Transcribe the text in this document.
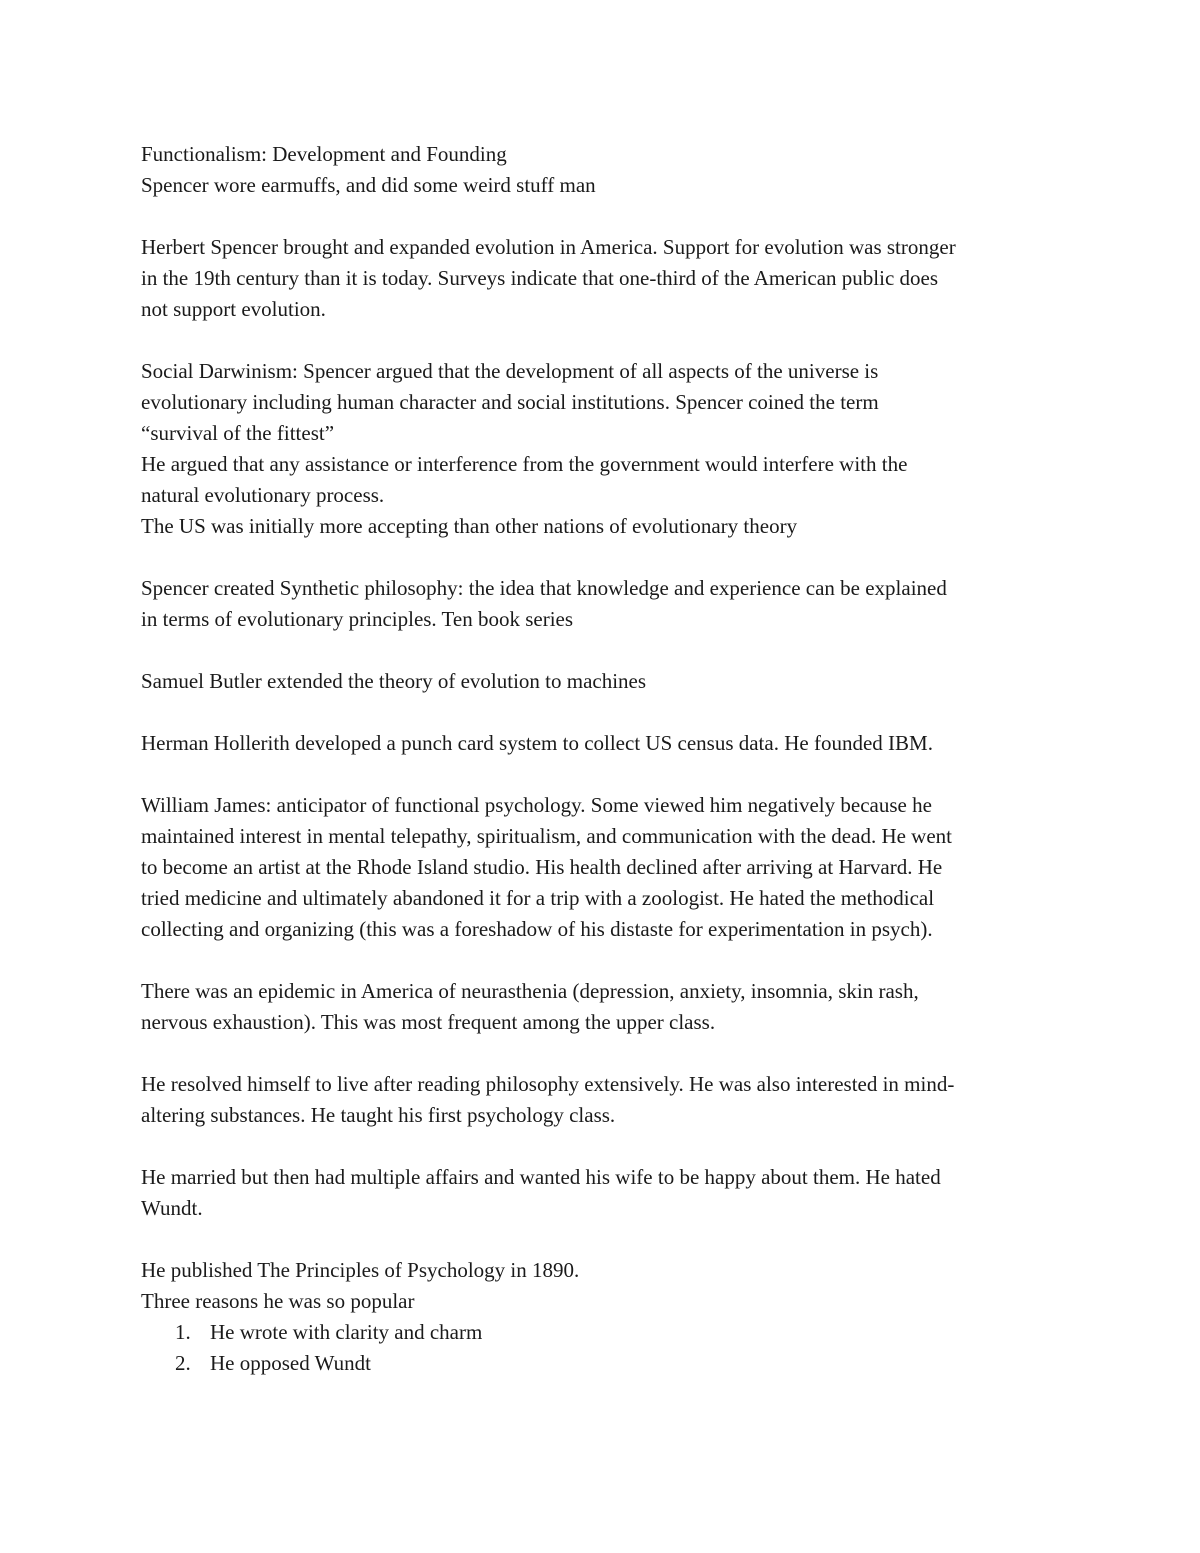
Functionalism: Development and Founding
Spencer wore earmuffs, and did some weird stuff man
Herbert Spencer brought and expanded evolution in America. Support for evolution was stronger
in the 19th century than it is today. Surveys indicate that one-third of the American public does
not support evolution.
Social Darwinism: Spencer argued that the development of all aspects of the universe is
evolutionary including human character and social institutions. Spencer coined the term
“survival of the fittest”
He argued that any assistance or interference from the government would interfere with the
natural evolutionary process.
The US was initially more accepting than other nations of evolutionary theory
Spencer created Synthetic philosophy: the idea that knowledge and experience can be explained
in terms of evolutionary principles. Ten book series
Samuel Butler extended the theory of evolution to machines
Herman Hollerith developed a punch card system to collect US census data. He founded IBM.
William James: anticipator of functional psychology. Some viewed him negatively because he
maintained interest in mental telepathy, spiritualism, and communication with the dead. He went
to become an artist at the Rhode Island studio. His health declined after arriving at Harvard. He
tried medicine and ultimately abandoned it for a trip with a zoologist. He hated the methodical
collecting and organizing (this was a foreshadow of his distaste for experimentation in psych).
There was an epidemic in America of neurasthenia (depression, anxiety, insomnia, skin rash,
nervous exhaustion). This was most frequent among the upper class.
He resolved himself to live after reading philosophy extensively. He was also interested in mind-
altering substances. He taught his first psychology class.
He married but then had multiple affairs and wanted his wife to be happy about them. He hated
Wundt.
He published The Principles of Psychology in 1890.
Three reasons he was so popular
1. He wrote with clarity and charm
2. He opposed Wundt
